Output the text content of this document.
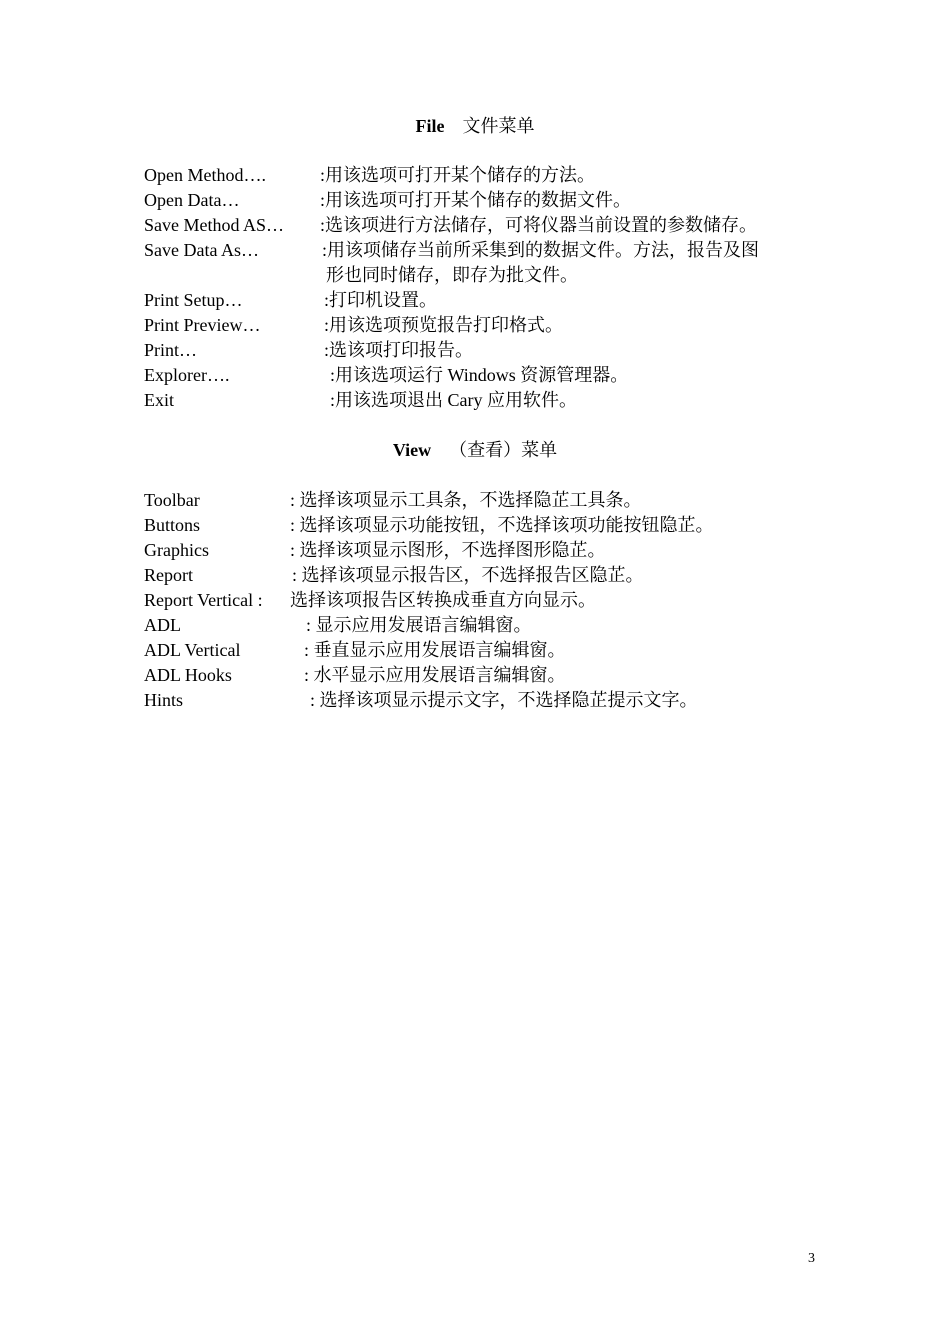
File 文件菜单
Open Method….	:用该选项可打开某个储存的方法。
Open Data…	:用该选项可打开某个储存的数据文件。
Save Method AS… :选该项进行方法储存，可将仪器当前设置的参数储存。
Save Data As…	:用该项储存当前所采集到的数据文件。方法，报告及图
形也同时储存，即存为批文件。
Print Setup…	:打印机设置。
Print Preview…	:用该选项预览报告打印格式。
Print…	:选该项打印报告。
Explorer….	:用该选项运行 Windows 资源管理器。
Exit	:用该选项退出 Cary 应用软件。
View （查看）菜单
Toolbar	: 选择该项显示工具条，不选择隐芷工具条。
Buttons	: 选择该项显示功能按钮，不选择该项功能按钮隐芷。
Graphics	: 选择该项显示图形，不选择图形隐芷。
Report	: 选择该项显示报告区，不选择报告区隐芷。
Report Vertical : 选择该项报告区转换成垂直方向显示。
ADL	: 显示应用发展语言编辑窗。
ADL Vertical	: 垂直显示应用发展语言编辑窗。
ADL Hooks	: 水平显示应用发展语言编辑窗。
Hints	: 选择该项显示提示文字，不选择隐芷提示文字。
3
